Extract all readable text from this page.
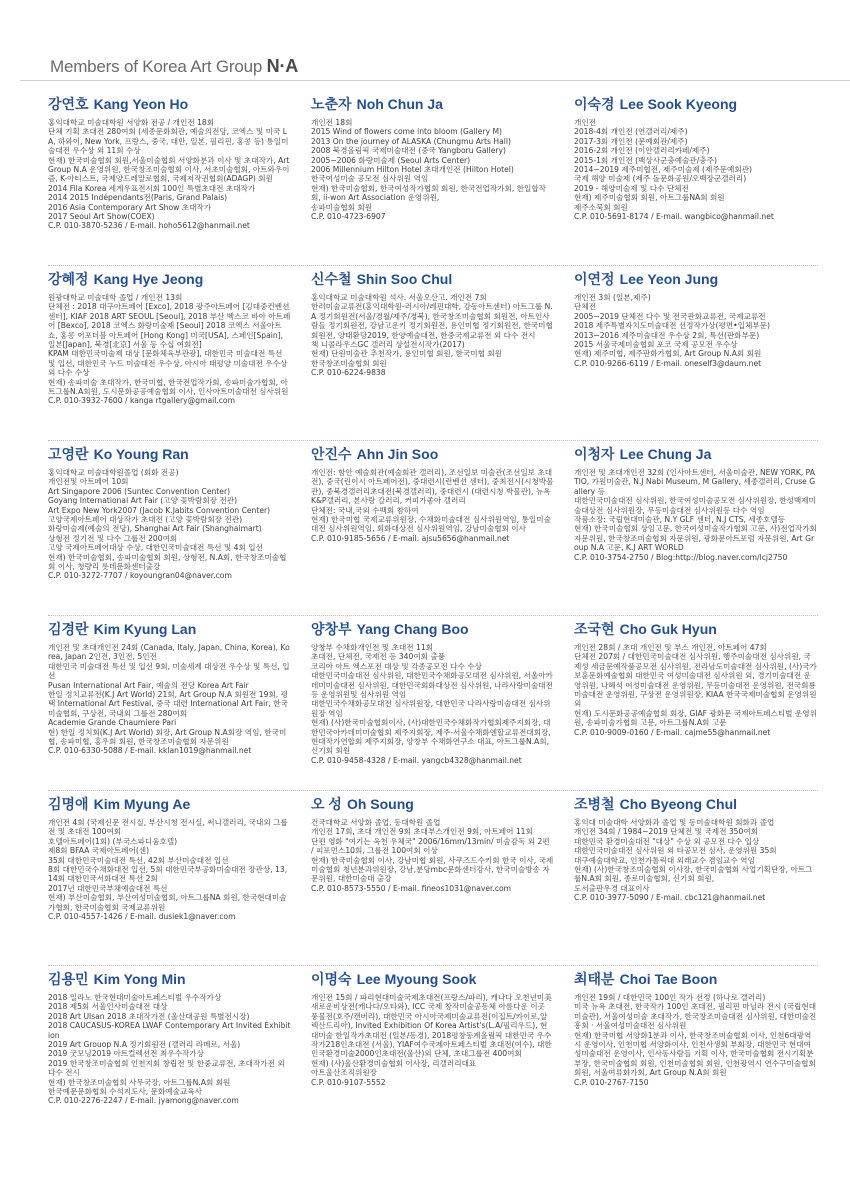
Members of Korea Art Group N·A
강연호 Kang Yeon Ho
홍익대학교 미술대학원 서양화 전공 / 개인전 18회
단체 기획 초대전 280여회 (세종문화회관, 예술의전당, 코엑스 및 미국 LA, 하와이, New York, 프랑스, 중국, 대만, 일본, 필리핀, 홍콩 등) 통일미술대전 우수상 외 11회 수상
현재) 한국미술협회 회원,서울미술협회 서양화분과 이사 및 초대작가, Art Group N.A 운영위원, 한국창조미술협회 이사, 서초미술협회, 아트와우이즘, K-아티스트, 국제양드레말로협회, 국제저작권협회(ADAGP) 회원
2014 Fila Korea 세계우표전시회 100인 특별초대전 초대작가
2014 2015 Indépendants전(Paris, Grand Palais)
2016 Asia Contemporary Art Show 초대작가
2017 Seoul Art Show(COEX)
C.P. 010-3870-5236 / E-mail. hoho5612@hanmail.net
노춘자 Noh Chun Ja
개인전 18회
2015 Wind of flowers come into bloom (Gallery M)
2013 On the journey of ALASKA (Chungmu Arts Hall)
2008 북경올림픽 국제미술대전 (중국 Yangboru Gallery)
2005~2006 화랑미술제 (Seoul Arts Center)
2006 Millennium Hilton Hotel 초대개인전 (Hilton Hotel)
한국여성미술 공모전 심사위원 역임
현재) 한국미술협회, 한국여성작가협회 회원, 한국전업작가회, 한일합작회, ii-won Art Association 운영위원,
송파미술협회 회원
C.P. 010-4723-6907
이숙경 Lee Sook Kyeong
개인전
2018-4회 개인전 (연갤러리/제주)
2017-3회 개인전 (문예회관/제주)
2016-2회 개인전 (이안갤러리카페/제주)
2015-1회 개인전 (백상사군충예술관/충주)
2014~2019 제주미협전, 제주미술제 (제주문예회관)
국제 해양 미술제 (제주 돌문화공원/오백장군갤러리)
2019 - 해양미술제 및 다수 단체전
현재) 제주미술협회 회원, 아트그룹NA회 회원
제주소묵회 회원
C.P. 010-5691-8174 / E-mail. wangbico@hanmail.net
강혜정 Kang Hye Jeong
원광대학교 미술대학 졸업 / 개인전 13회
단체전 : 2018 대구아트페어 [Exco], 2018 광주아트페어 [김대중컨벤션센터], KIAF 2018 ART SEOUL [Seoul], 2018 부산 벡스코 바아 아트페어 [Bexco], 2018 코엑스 화랑미술제 [Seoul] 2018 코엑스 서울아트쇼, 홍콩 어포더블 아트페어 [Hong Kong] 미국[USA], 스페인[Spain], 일본[Japan], 북경[北京] 서울 등 수십 여회전]
KPAM 대한민국미술제 대상 [문화체육부관광], 대한민국 미술대전 특선 및 입선, 대한민국 누드 미술대전 우수상, 아시아 태평양 미술대전 우수상 외 다수 수상
현재) 송파미술 초대작가, 한국미협, 한국전업작가회, 송파미술가협회, 아트그룹N.A회원, 도시문화공공예술협회 이사, 인사아트미술대전 심사위원
C.P. 010-3932-7600 / kanga rtgallery@gmail.com
신수철 Shin Soo Chul
홍익대학교 미술대학원 석사. 서울오산고. 개인전 7회
한러미술교류전(홍익대학원-러시아/레핀대학, 강동아트센터) 아트그룹 N.A 정기회원전(서울/경월/제주/경북), 한국창조미술협회 회원전, 아트인사람들 정기회원전, 강남고운키 정기회원전, 용인미협 정기회원전, 한국미협 회원전, 양태환당2019, 한양예술대전, 한중국제교류전 외 다수 전시
책 니콜라우스GC 갤러리 상설전시작가(2017)
현재) 단원미술관 추천작가, 용인미협 회원, 한국미협 회원
한국창조미술협회 회원
C.P. 010-6224-9838
이연정 Lee Yeon Jung
개인전 3회 (일본,제주)
단체전
2005~2019 단체전 다수 및 전국판화교류전, 국제교류전
2018 제주특별자치도미술대전 선정작가상(평면•입체부문)
2013~2016 제주미술대전 우수상 2회, 특선(판화부문)
2015 서울국제미술협회 포코 국제 공모전 우수상
현재) 제주미협, 제주판화가협회, Art Group N.A회 회원
C.P. 010-9266-6119 / E-mail. oneself3@daum.net
고영란 Ko Young Ran
홍익대학교 미술대학원졸업 (회화 전공)
개인전및 아트페어 10회
Art Singapore 2006 (Suntec Convention Center)
Goyang International Art Fair (고양 꽃박람회장 전관)
Art Expo New York2007 (Jacob K.Jabits Convention Center)
고양국제아트페어 대상작가 초대전 (고양 꽃박람회장 전관)
화랑미술제(예술의 전당), Shanghai Art Fair (Shanghaimart)
상형전 정기전 및 다수 그룹전 200여회
고양 국제아트페어대상 수상, 대한민국미술대전 특선 및 4회 입선
현재) 한국미술협회, 송파미술협회 회원, 상형전, N.A회, 한국창조미술협회 이사, 청량리 롯데문화센터출강
C.P. 010-3272-7707 / koyoungran04@naver.com
안진수 Ahn Jin Soo
개인전: 함안 예술회관(예술회관 갤러리), 조선일보 미술관(조선일보 초대전), 중국(린이시 아트페어전), 중대련시(런벤션 센터), 중최전시(시청박물관), 중북경갤러리초대전(북경갤러리), 중대련시 (대련시청 박물관), 뉴욕K&P갤러리, 본사랑 갈러리, 커피가좋아 갤러리
단체전: 국내,국외 수백회 참하여
현재) 한국미협 국제교류위원장, 수채화미술대전 심사위원역임, 통일미술대전 심사위원역임, 회화대상전 심사위원역임, 강남미술협회 이사
C.P. 010-9185-5656 / E-mail. ajsu5656@hanmail.net
이청자 Lee Chung Ja
개인전 및 초대개인전 32회 (인사아트센터, 서울미술관, NEW YORK, PATIO, 가원미술관, N.J Nabi Museum, M Gallery, 세종갤러리, Cruse Gallery 등
대한민국미술대전 심사위원, 한국여성미술공모전 심사위원장, 한성백제미술대상전 심사위원장, 무등미술대전 심사위원등 다수 역임
작품소장: 국립현대미술관, N.Y GLF 센터, N.J CTS, 세종호텔등
현재) 한국미술협회 상임고문, 한국여성미술작가협회 고문, 사)전업작가회 자문위원, 한국창조미술협회 자문위원, 광화문아트포럼 자문위원, Art Group N.A 고문, K.J ART WORLD
C.P. 010-3754-2750 / Blog:http://blog.naver.com/lcj2750
김경란 Kim Kyung Lan
개인전 및 초대개인전 24회 (Canada, Italy, Japan, China, Korea), Korea, Japan 2인전, 3인전, 5인전
대한민국 미술대전 특선 및 입선 9회, 미술세계 대상전 우수상 및 특선, 입선
Pusan International Art Fair, 예술의 전당 Korea Art Fair
한일 정치교류전(K.J Art World) 21회, Art Group N.A 회원전 19회, 평택 International Art Festival, 중국 대련 International Art Fair, 한국미술협회, 구상전, 국내외 그룹전 280여회
Academie Grande Chaumiere Pari
현) 한일 정치회(K.J Art World) 회장, Art Group N.A회장 역임, 한국미협, 송파미협, 홍우회 회원, 한국창조미술협회 자문위원
C.P. 010-6330-5088 / E-mail. kklan1019@hanmail.net
양창부 Yang Chang Boo
양창부 수채화개인전 및 초대전 11회
초대전, 단체전, 국제전 등 340여회 출품
코리아 아트 엑스포전 대상 및 각종공모전 다수 수상
대한민국미술대전 심사위원, 대한민국수채화공모대전 심사위원, 서울아카데미미술대전 심사위원, 대한민국회화대상전 심사위원, 나라사랑미술대전 등 운영위원및 심사위원 역임
대한민국수채화공모대전 심사위원장, 대한민국 나라사랑미술대전 심사위원장 역임
현재) (사)한국미술협회이사, (사)대한민국수채화작가협회제주지회장, 대한민국아카데미미술협회 제주지회장, 제주-서울수채화엔할교류전대회장, 현대작가연합회 제주지회장, 양창부 수채화연구소 대표, 아트그룹N.A회, 신기회 회원
C.P. 010-9458-4328 / E-mail. yangcb4328@hanmail.net
조국현 Cho Guk Hyun
개인전 28회 / 초대 개인전 및 부스 개인전, 아트페어 47회
단체전 207회 / 대한민국미술대전 심사위원, 행주미술대전 심사위원, 국제성 세금문예작품공모전 심사위원, 전라남도미술대전 심사위원, (사)국가보훈문화예술협회 대한민국 여성미술대전 심사위원 외, 경기미술대전 운영위원, 나혜석 여성미술대전 운영위원, 무등미술대전 운영위원, 전국회룡미술대전 운영위원, 구상전 운영위원장, KIAA 한국국제미술협회 운영위원 외
현재) 도시문화공공예술협회 회장, GIAF 광화문 국제아트페스티벌 운영위원, 송파미술가협회 고문, 아트그룹N.A회 고문
C.P. 010-9009-0160 / E-mail. cajme55@hanmail.net
김명애 Kim Myung Ae
개인전 4회 (국제신문 전시실, 부산시청 전시실, 써니갤러리, 국내외 그룹전 및 초대전 100여회
호텔아트페어(1회) (부국스파디움호텔)
제8회 BFAA 국제아트페어(센)
35회 대한민국미술대전 특선, 42회 부산미술대전 입선
8회 대한민국수채화대전 입선, 5회 대한민국부공화미술대전 장관상, 13,14회 대한민국서화대전 특선 2회
2017년 대한민국부채예술대전 특선
현재) 부산미술협회, 부산여성미술협회, 아트그룹NA 회원, 한국현대미술가협회, 한국미술협회 국제교류위원
C.P. 010-4557-1426 / E-mail. dusiek1@naver.com
오 성 Oh Soung
건국대학교 서양화 졸업, 동대학원 졸업
개인전 17회, 초대 개인전 9회 초대부스개인전 9회, 아트페어 11회
단편 영화 "여기는 옥천 우체국" 2006/16mm/13min/ 미술감독 외 2편 / 피포먼스10회, 그룹전 100여회 이상
현재) 한국미술협회 이사, 강남미협 회원, 사쿠즈드수키회 한국 이사, 국제미술협회 청년분과위원장, 강남,분당mbc문화센터강사, 한국미술방송 자문위원, 대한미술대 출강
C.P. 010-8573-5550 / E-mail. fineos1031@naver.com
조병철 Cho Byeong Chul
홍익대 미술대학 서양화과 졸업 및 동미술대학원 회화과 졸업
개인전 34회 / 1984~2019 단체전 및 국제전 350여회
대한민국 환경미술대전 "대상" 수상 외 공모전 다수 입상
대한민국미술대전 심사위원 외 타공모전 심사, 운영위원 35회
대구예술대학교, 인천가톨릭대 외래교수 겸임교수 역임
현재) (사)한국창조미술협회 이사장, 한국미술협회 사업기획단장, 아트그룹N.A회 회원, 종로미술협회, 신기회 회원,
도서출판우경 대표이사
C.P. 010-3977-5090 / E-mail. cbc121@hanmail.net
김용민 Kim Yong Min
2018 밀라노 한국현대미술아트페스티벌 우수작가상
2018 제5회 서울인사미술대전 대상
2018 Art Ulsan 2018 초대작가전 (울산대공원 특별전시장)
2018 CAUCASUS-KOREA LWAF Contemporary Art Invited Exhibition
2019 Art Grouop N.A 정기회원전 (갤러리 라메르, 서울)
2019 굿모닝2019 아트컬렉션전 최우수작가상
2019 한국창조미술협회 인천지회 창립전 및 한중교류전, 초대작가전 외 다수 전시
현재) 한국창조미술협회 사무국장, 아트그룹N.A회 회원
한국예문문화협회 수석지도사, 문화예술교육사
C.P. 010-2276-2247 / E-mail. jyamong@naver.com
이명숙 Lee Myoung Sook
개인전 15회 / 파리현대미술국제초대전(프랑스/파리), 캐나다 오천년미美 새로운비상전(캐나다/오타와), ICC 국제 창작미술공동체 아름다운 이곳 풍물전(호주/캔버라), 대한민국 아시아국제미술교류전(이집트/카이로,알렉산드리아), Invited Exhibition Of Korea Artist's(L.A/필리우드), 현대미술 한일작가초대전 (일본/동경), 2018평창동계올림픽 대한민국 우수작가218인초대전 (서울), YIAF여수국제아트페스티벌 초대전(여수), 대한민국환경미술2000인초대전(울산)외 단체, 초대그룹전 400여회
현재) (사)울산환경미술협회 이사장, 리갤러리대표
아트울산조직위원장
C.P. 010-9107-5552
최태분 Choi Tae Boon
개인전 19회 / 대한민국 100인 작가 선정 (하나로 갤러리)
미국 뉴욕 초대전, 한국작가 100인 초대전, 필리핀 마닐라 전시 (국립현대미술관), 서울여성미술 초대작가, 한국창조미술대전 심사위원, 대한미술진흥회 · 서울여성미술대전 심사위원
현재) 한국미협 서양화1분과 이사, 한국창조미술협회 이사, 인천6대광역시 운영이사, 인천미협 서양화이사, 인천사생회 부회장, 대한민국 현대여성미술대전 운영이사, 인사동사람들 기획 이사, 한국미술협회 전시기획분부장, 한국미술협회 회원, 인천미술협회 회원, 인천광역시 연수구미술협회 회원, 서울여류화가회, Art Group N.A회 회원
C.P. 010-2767-7150
